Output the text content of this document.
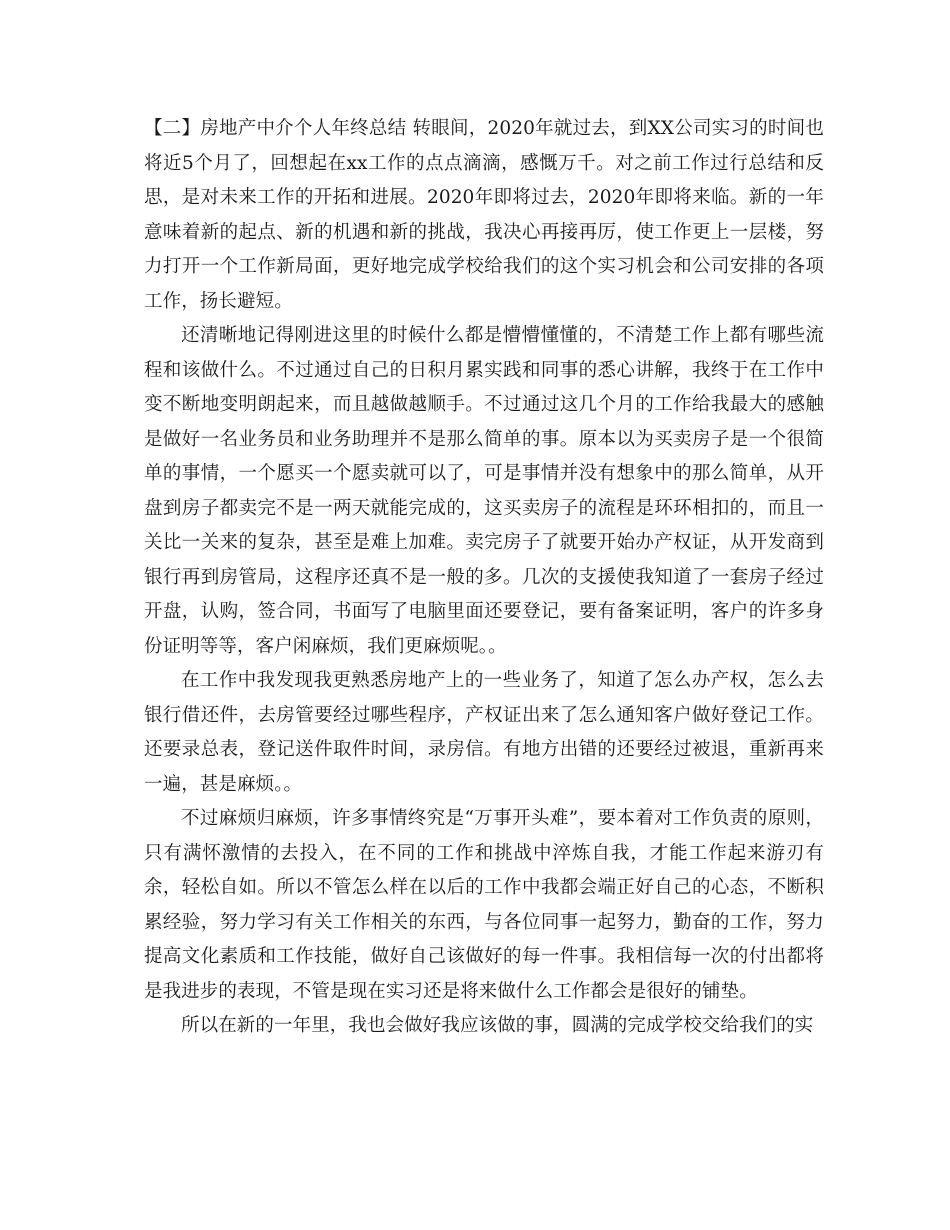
【二】房地产中介个人年终总结 转眼间，2020年就过去，到XX公司实习的时间也将近5个月了，回想起在xx工作的点点滴滴，感慨万千。对之前工作过行总结和反思，是对未来工作的开拓和进展。2020年即将过去，2020年即将来临。新的一年意味着新的起点、新的机遇和新的挑战，我决心再接再厉，使工作更上一层楼，努力打开一个工作新局面，更好地完成学校给我们的这个实习机会和公司安排的各项工作，扬长避短。

还清晰地记得刚进这里的时候什么都是懵懵懂懂的，不清楚工作上都有哪些流程和该做什么。不过通过自己的日积月累实践和同事的悉心讲解，我终于在工作中变不断地变明朗起来，而且越做越顺手。不过通过这几个月的工作给我最大的感触是做好一名业务员和业务助理并不是那么简单的事。原本以为买卖房子是一个很简单的事情，一个愿买一个愿卖就可以了，可是事情并没有想象中的那么简单，从开盘到房子都卖完不是一两天就能完成的，这买卖房子的流程是环环相扣的，而且一关比一关来的复杂，甚至是难上加难。卖完房子了就要开始办产权证，从开发商到银行再到房管局，这程序还真不是一般的多。几次的支援使我知道了一套房子经过开盘，认购，签合同，书面写了电脑里面还要登记，要有备案证明，客户的许多身份证明等等，客户闲麻烦，我们更麻烦呢。。

在工作中我发现我更熟悉房地产上的一些业务了，知道了怎么办产权，怎么去银行借还件，去房管要经过哪些程序，产权证出来了怎么通知客户做好登记工作。还要录总表，登记送件取件时间，录房信。有地方出错的还要经过被退，重新再来一遍，甚是麻烦。。

不过麻烦归麻烦，许多事情终究是“万事开头难”，要本着对工作负责的原则，只有满怀激情的去投入，在不同的工作和挑战中淬炼自我，才能工作起来游刃有余，轻松自如。所以不管怎么样在以后的工作中我都会端正好自己的心态，不断积累经验，努力学习有关工作相关的东西，与各位同事一起努力，勤奋的工作，努力提高文化素质和工作技能，做好自己该做好的每一件事。我相信每一次的付出都将是我进步的表现，不管是现在实习还是将来做什么工作都会是很好的铺垫。

所以在新的一年里，我也会做好我应该做的事，圆满的完成学校交给我们的实
